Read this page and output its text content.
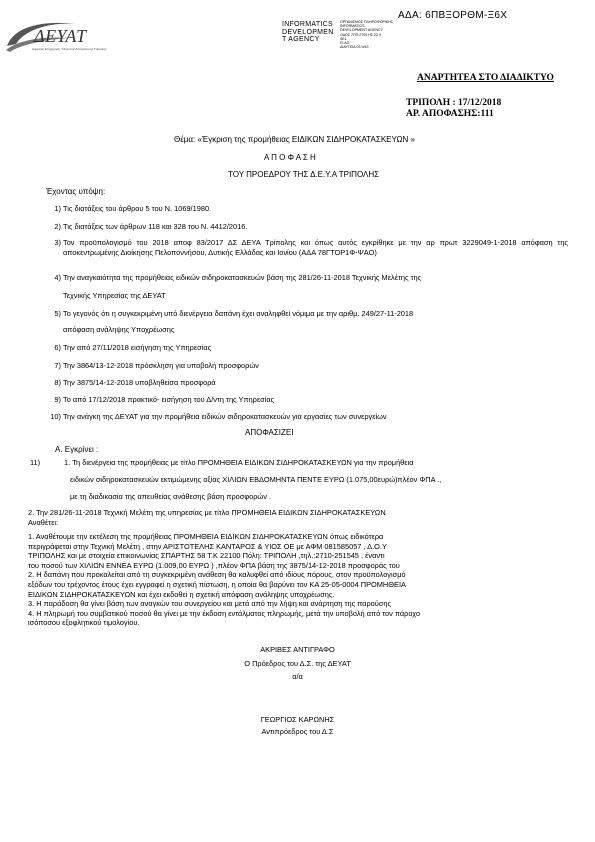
ΔΕΥΑΤ
Δημοτική Επιχείρηση Ύδρευσης Αποχέτευσης Τρίπολης
INFORMATICS
DEVELOPMEN
T AGENCY
ΟΡΓΑΝΙΣΜΟΣ ΠΛΗΡΟΦΟΡΙΚΗΣ
INFORMATICS
DEVELOPMENT AGENCY
ΟΔΟΣ 7ΠΠ:2709 ΗΣ 22 9
SEL
FLAG
ΔΙΑΥΓΕΙΑ 03 9/43
ΑΔΑ: 6ΠΒΞΟΡΘΜ-Ξ6Χ
ΑΝΑΡΤΗΤΕΑ ΣΤΟ ΔΙΑΔΙΚΤΥΟ
ΤΡΙΠΟΛΗ : 17/12/2018
ΑΡ. ΑΠΟΦΑΣΗΣ:111
Θέμα: «Έγκριση της προμήθειας ΕΙΔΙΚΩΝ ΣΙΔΗΡΟΚΑΤΑΣΚΕΥΩΝ »
Α Π Ο Φ Α Σ Η
ΤΟΥ ΠΡΟΕΔΡΟΥ ΤΗΣ Δ.Ε.Υ.Α ΤΡΙΠΟΛΗΣ
Έχοντας υπόψη:
1) Τις διατάξεις του άρθρου 5 του Ν. 1069/1980.
2) Τις διατάξεις των άρθρων 118 και 328 του Ν. 4412/2016.
3) Τον προϋπολογισμό του 2018 αποφ 83/2017 ΔΣ ΔΕΥΑ Τρίπολης και όπως αυτός εγκρίθηκε με την αρ πρωτ 3229049-1-2018 απόφαση της αποκεντρωμένης Διοίκησης Πελοποννήσου, Δυτικής Ελλάδας και Ιονίου (ΑΔΑ 78ΓΤΟΡ1Φ-ΨΑΟ)
4) Την αναγκαιότητα της προμήθειας ειδικών σιδηροκατασκευών βάση της 281/26-11-2018 Τεχνικής Μελέτης της
Τεχνικής Υπηρεσίας της ΔΕΥΑΤ
5) Το γεγονός ότι η συγκεκριμένη υπό διενέργεια δαπάνη έχει αναληφθεί νόμιμα με την αριθμ. 249/27-11-2018
απόφαση ανάληψης Υποχρέωσης
6) Την από 27/11/2018 εισήγηση της Υπηρεσίας
7) Την 3864/13-12-2018 πρόσκληση για υποβολή προσφορών
8) Την 3875/14-12-2018 υποβληθείσα προσφορά
9) Το από 17/12/2018 πρακτικό- εισήγηση του Δ/ντη της Υπηρεσίας
10) Την ανάγκη της ΔΕΥΑΤ για την προμήθεια ειδικών σιδηροκατασκευών για εργασίες των συνεργείων
ΑΠΟΦΑΣΙΖΕΙ
Α. Εγκρίνει :
11)	1. Τη διενέργεια της προμήθειας με τίτλο ΠΡΟΜΗΘΕΙΑ ΕΙΔΙΚΩΝ ΣΙΔΗΡΟΚΑΤΑΣΚΕΥΩΝ για την προμήθεια
ειδικών σιδηροκατασκευών εκτιμώμενης αξίας ΧΙΛΙΩΝ ΕΒΔΟΜΗΝΤΑ ΠΕΝΤΕ ΕΥΡΩ (1.075,00ευρώ)πλέον ΦΠΑ .,
με τη διαδικασία της απευθείας ανάθεσης βάση προσφορών .
2. Την 281/26-11-2018 Τεχνική Μελέτη της υπηρεσίας με τίτλο ΠΡΟΜΗΘΕΙΑ ΕΙΔΙΚΩΝ ΣΙΔΗΡΟΚΑΤΑΣΚΕΥΩΝ
Αναθέτει:
1. Αναθέτουμε την εκτέλεση της προμήθειας ΠΡΟΜΗΘΕΙΑ ΕΙΔΙΚΩΝ ΣΙΔΗΡΟΚΑΤΑΣΚΕΥΩΝ όπως ειδικότερα
περιγράφεται στην Τεχνική Μελέτη , στην ΑΡΙΣΤΟΤΕΛΗΣ ΚΑΝΤΑΡΟΣ & ΥΙΟΣ ΟΕ με ΑΦΜ 081585057 , Δ.Ο.Υ
ΤΡΙΠΟΛΗΣ και με στοιχεία επικοινωνίας ΣΠΑΡΤΗΣ 58 Τ.Κ 22100 Πόλη: ΤΡΙΠΟΛΗ ,τηλ.:2710-251545 , έναντι
του ποσού των ΧΙΛΙΩΝ ΕΝΝΕΑ ΕΥΡΩ (1.009,00 ΕΥΡΩ ) ,πλέον ΦΠΑ βάση της 3875/14-12-2018 προσφοράς του
2. Η δαπάνη που προκαλείται από τη συγκεκριμένη ανάθεση θα καλυφθεί από ιδίους πόρους, στον προϋπολογισμό
εξόδων του τρέχοντος έτους έχει εγγραφεί η σχετική πίστωση, η οποία θα βαρύνει τον ΚΑ 25-05-0004 ΠΡΟΜΗΘΕΙΑ
ΕΙΔΙΚΩΝ ΣΙΔΗΡΟΚΑΤΑΣΚΕΥΩΝ και έχει εκδοθεί η σχετική απόφαση ανάληψης υποχρέωσης.
3. Η παράδοση θα γίνει βάση των αναγκών του συνεργείου και μετά από την λήψη και ανάρτηση της παρούσης
4. Η πληρωμή του συμβατικού ποσού θα γίνει με την έκδοση εντάλματος πληρωμής, μετά την υποβολή από τον πάροχο
ισόποσου εξοφλητικού τιμολογίου.
ΑΚΡΙΒΕΣ ΑΝΤΙΓΡΑΦΟ
Ο Πρόεδρος του Δ.Σ. της ΔΕΥΑΤ
α/α
ΓΕΩΡΓΙΟΣ ΚΑΡΩΝΗΣ
Αντιπρόεδρος του Δ.Σ
